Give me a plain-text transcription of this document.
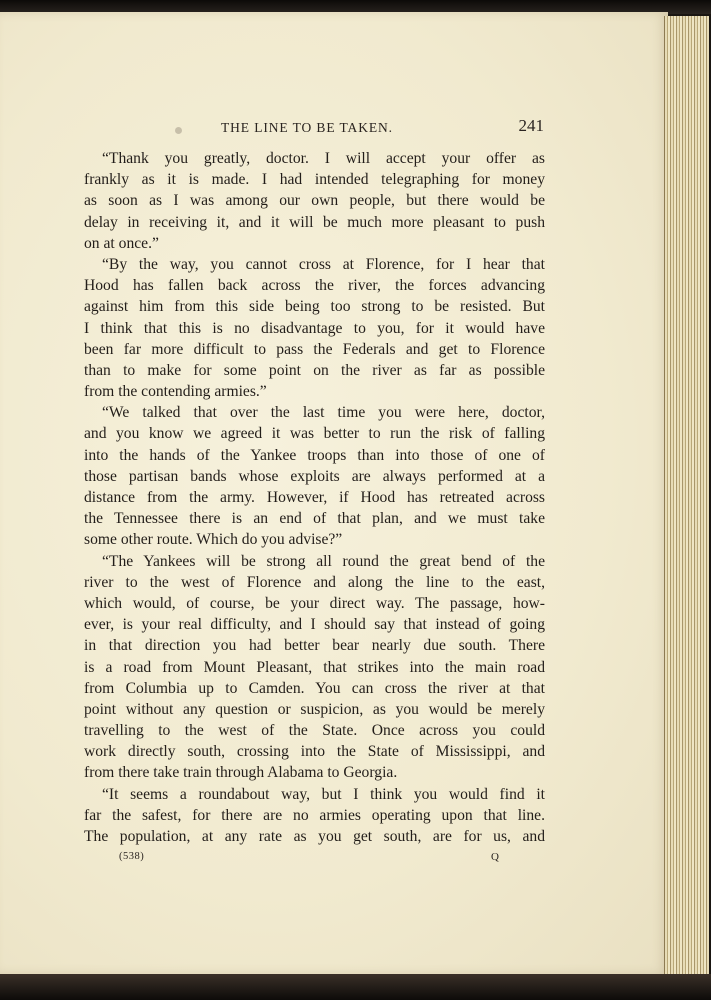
THE LINE TO BE TAKEN.	241
“Thank you greatly, doctor. I will accept your offer as
frankly as it is made. I had intended telegraphing for money
as soon as I was among our own people, but there would be
delay in receiving it, and it will be much more pleasant to push
on at once.”
“By the way, you cannot cross at Florence, for I hear that
Hood has fallen back across the river, the forces advancing
against him from this side being too strong to be resisted. But
I think that this is no disadvantage to you, for it would have
been far more difficult to pass the Federals and get to Florence
than to make for some point on the river as far as possible
from the contending armies.”
“We talked that over the last time you were here, doctor,
and you know we agreed it was better to run the risk of falling
into the hands of the Yankee troops than into those of one of
those partisan bands whose exploits are always performed at a
distance from the army. However, if Hood has retreated across
the Tennessee there is an end of that plan, and we must take
some other route. Which do you advise?”
“The Yankees will be strong all round the great bend of the
river to the west of Florence and along the line to the east,
which would, of course, be your direct way. The passage, how-
ever, is your real difficulty, and I should say that instead of going
in that direction you had better bear nearly due south. There
is a road from Mount Pleasant, that strikes into the main road
from Columbia up to Camden. You can cross the river at that
point without any question or suspicion, as you would be merely
travelling to the west of the State. Once across you could
work directly south, crossing into the State of Mississippi, and
from there take train through Alabama to Georgia.
“It seems a roundabout way, but I think you would find it
far the safest, for there are no armies operating upon that line.
The population, at any rate as you get south, are for us, and
(538)	Q
